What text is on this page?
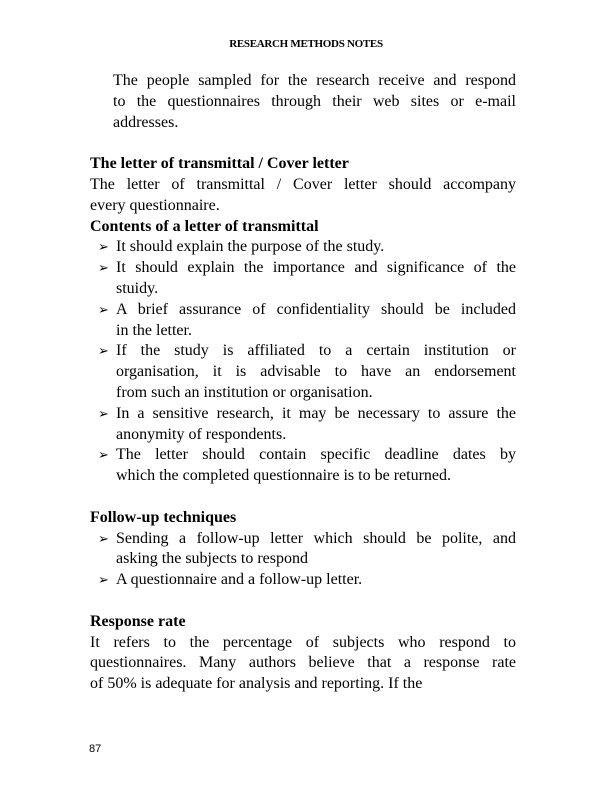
RESEARCH METHODS NOTES
The people sampled for the research receive and respond
to the questionnaires through their web sites or e-mail
addresses.
The letter of transmittal / Cover letter
The letter of transmittal / Cover letter should accompany
every questionnaire.
Contents of a letter of transmittal
➢ It should explain the purpose of the study.
➢ It should explain the importance and significance of the
stuidy.
➢ A brief assurance of confidentiality should be included
in the letter.
➢ If the study is affiliated to a certain institution or
organisation, it is advisable to have an endorsement
from such an institution or organisation.
➢ In a sensitive research, it may be necessary to assure the
anonymity of respondents.
➢ The letter should contain specific deadline dates by
which the completed questionnaire is to be returned.
Follow-up techniques
➢ Sending a follow-up letter which should be polite, and
asking the subjects to respond
➢ A questionnaire and a follow-up letter.
Response rate
It refers to the percentage of subjects who respond to
questionnaires. Many authors believe that a response rate
of 50% is adequate for analysis and reporting. If the
87
